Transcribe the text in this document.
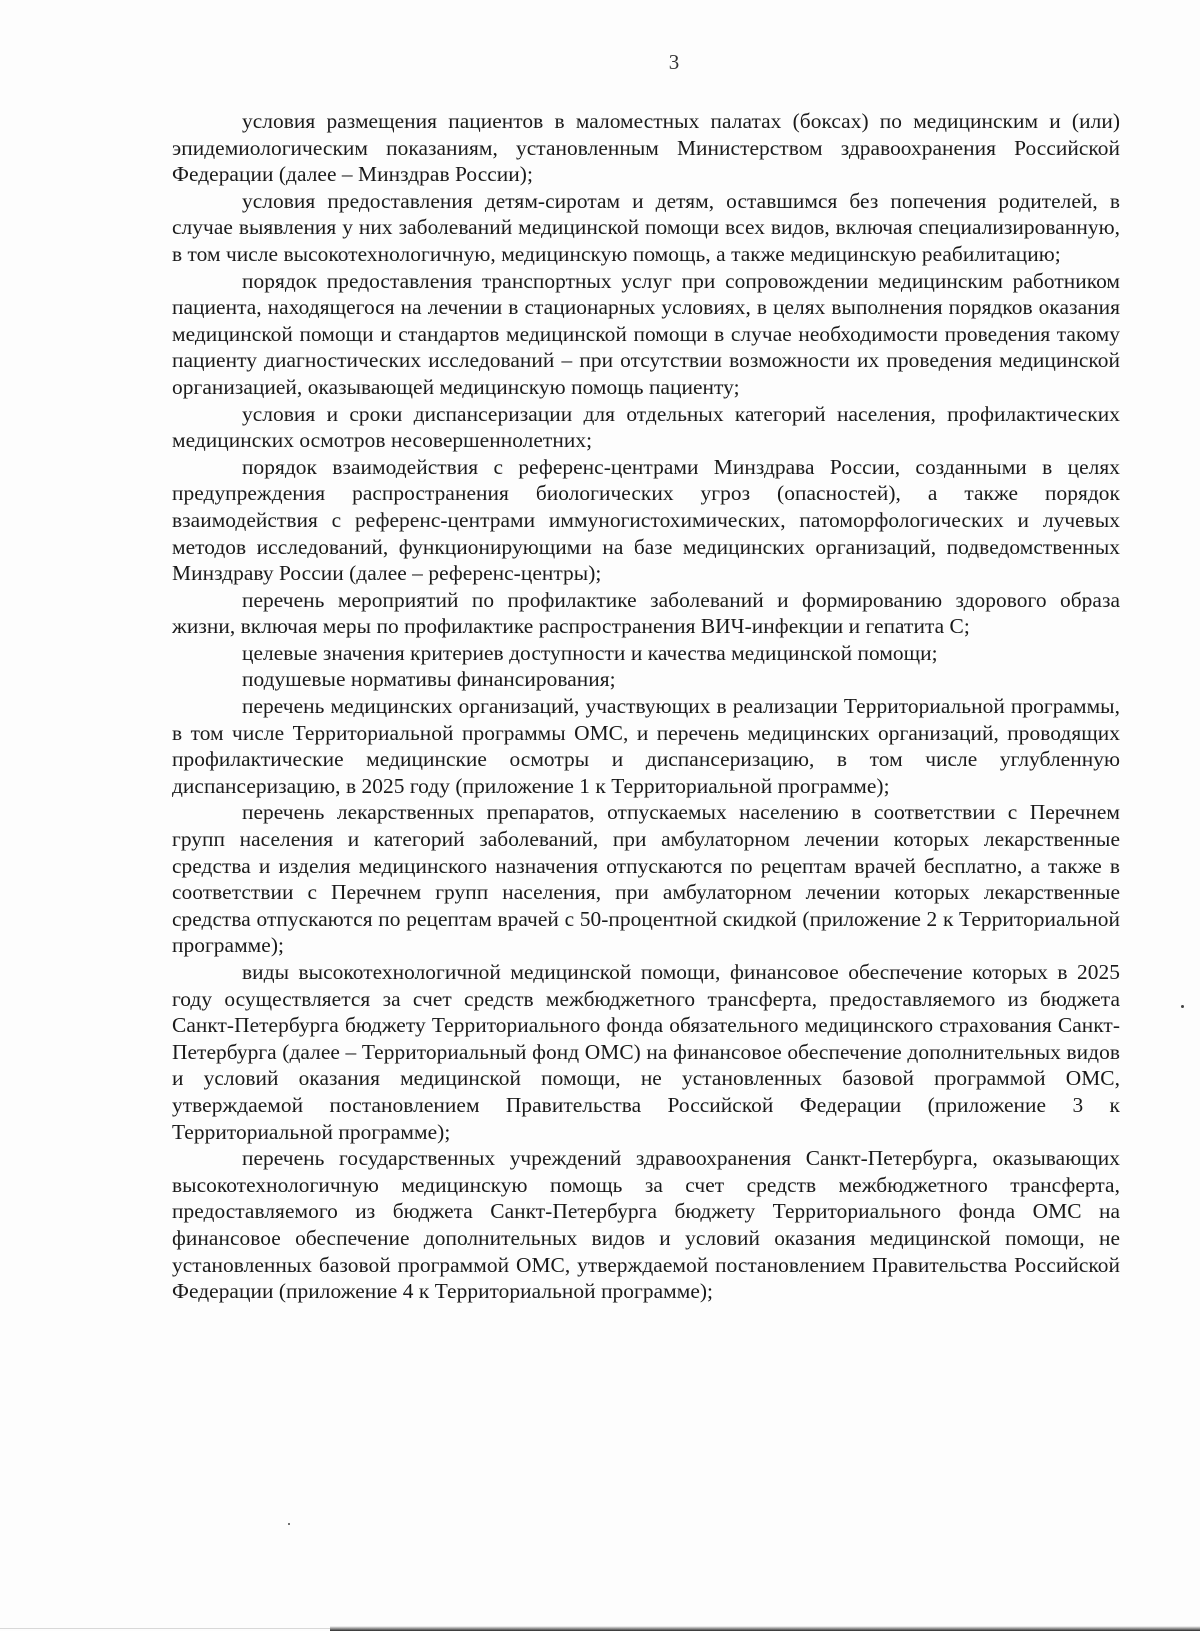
3

условия размещения пациентов в маломестных палатах (боксах) по медицинским и (или) эпидемиологическим показаниям, установленным Министерством здравоохранения Российской Федерации (далее – Минздрав России);

условия предоставления детям-сиротам и детям, оставшимся без попечения родителей, в случае выявления у них заболеваний медицинской помощи всех видов, включая специализированную, в том числе высокотехнологичную, медицинскую помощь, а также медицинскую реабилитацию;

порядок предоставления транспортных услуг при сопровождении медицинским работником пациента, находящегося на лечении в стационарных условиях, в целях выполнения порядков оказания медицинской помощи и стандартов медицинской помощи в случае необходимости проведения такому пациенту диагностических исследований – при отсутствии возможности их проведения медицинской организацией, оказывающей медицинскую помощь пациенту;

условия и сроки диспансеризации для отдельных категорий населения, профилактических медицинских осмотров несовершеннолетних;

порядок взаимодействия с референс-центрами Минздрава России, созданными в целях предупреждения распространения биологических угроз (опасностей), а также порядок взаимодействия с референс-центрами иммуногистохимических, патоморфологических и лучевых методов исследований, функционирующими на базе медицинских организаций, подведомственных Минздраву России (далее – референс-центры);

перечень мероприятий по профилактике заболеваний и формированию здорового образа жизни, включая меры по профилактике распространения ВИЧ-инфекции и гепатита С;

целевые значения критериев доступности и качества медицинской помощи;

подушевые нормативы финансирования;

перечень медицинских организаций, участвующих в реализации Территориальной программы, в том числе Территориальной программы ОМС, и перечень медицинских организаций, проводящих профилактические медицинские осмотры и диспансеризацию, в том числе углубленную диспансеризацию, в 2025 году (приложение 1 к Территориальной программе);

перечень лекарственных препаратов, отпускаемых населению в соответствии с Перечнем групп населения и категорий заболеваний, при амбулаторном лечении которых лекарственные средства и изделия медицинского назначения отпускаются по рецептам врачей бесплатно, а также в соответствии с Перечнем групп населения, при амбулаторном лечении которых лекарственные средства отпускаются по рецептам врачей с 50-процентной скидкой (приложение 2 к Территориальной программе);

виды высокотехнологичной медицинской помощи, финансовое обеспечение которых в 2025 году осуществляется за счет средств межбюджетного трансферта, предоставляемого из бюджета Санкт-Петербурга бюджету Территориального фонда обязательного медицинского страхования Санкт-Петербурга (далее – Территориальный фонд ОМС) на финансовое обеспечение дополнительных видов и условий оказания медицинской помощи, не установленных базовой программой ОМС, утверждаемой постановлением Правительства Российской Федерации (приложение 3 к Территориальной программе);

перечень государственных учреждений здравоохранения Санкт-Петербурга, оказывающих высокотехнологичную медицинскую помощь за счет средств межбюджетного трансферта, предоставляемого из бюджета Санкт-Петербурга бюджету Территориального фонда ОМС на финансовое обеспечение дополнительных видов и условий оказания медицинской помощи, не установленных базовой программой ОМС, утверждаемой постановлением Правительства Российской Федерации (приложение 4 к Территориальной программе);
